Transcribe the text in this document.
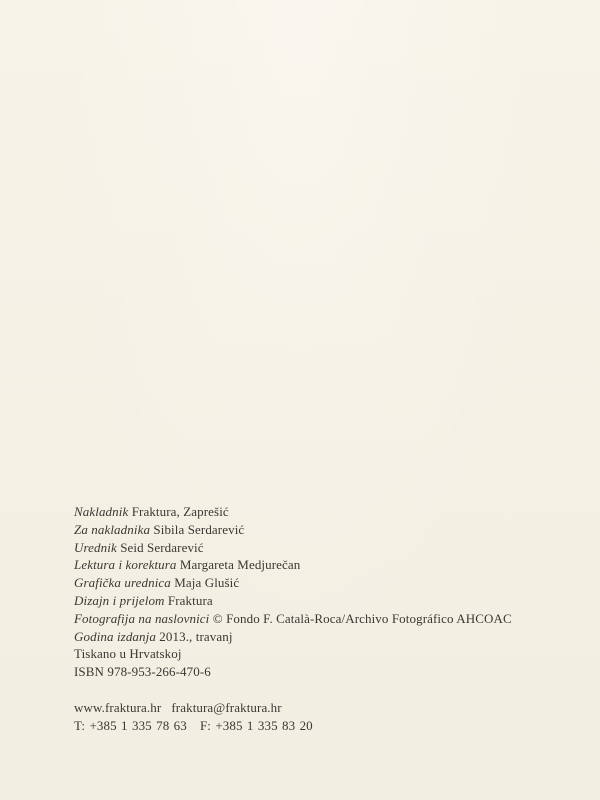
Nakladnik Fraktura, Zaprešić
Za nakladnika Sibila Serdarević
Urednik Seid Serdarević
Lektura i korektura Margareta Medjurečan
Grafička urednica Maja Glušić
Dizajn i prijelom Fraktura
Fotografija na naslovnici © Fondo F. Català-Roca/Archivo Fotográfico AHCOAC
Godina izdanja 2013., travanj
Tiskano u Hrvatskoj
ISBN 978-953-266-470-6
www.fraktura.hr fraktura@fraktura.hr
T: +385 1 335 78 63 F: +385 1 335 83 20
